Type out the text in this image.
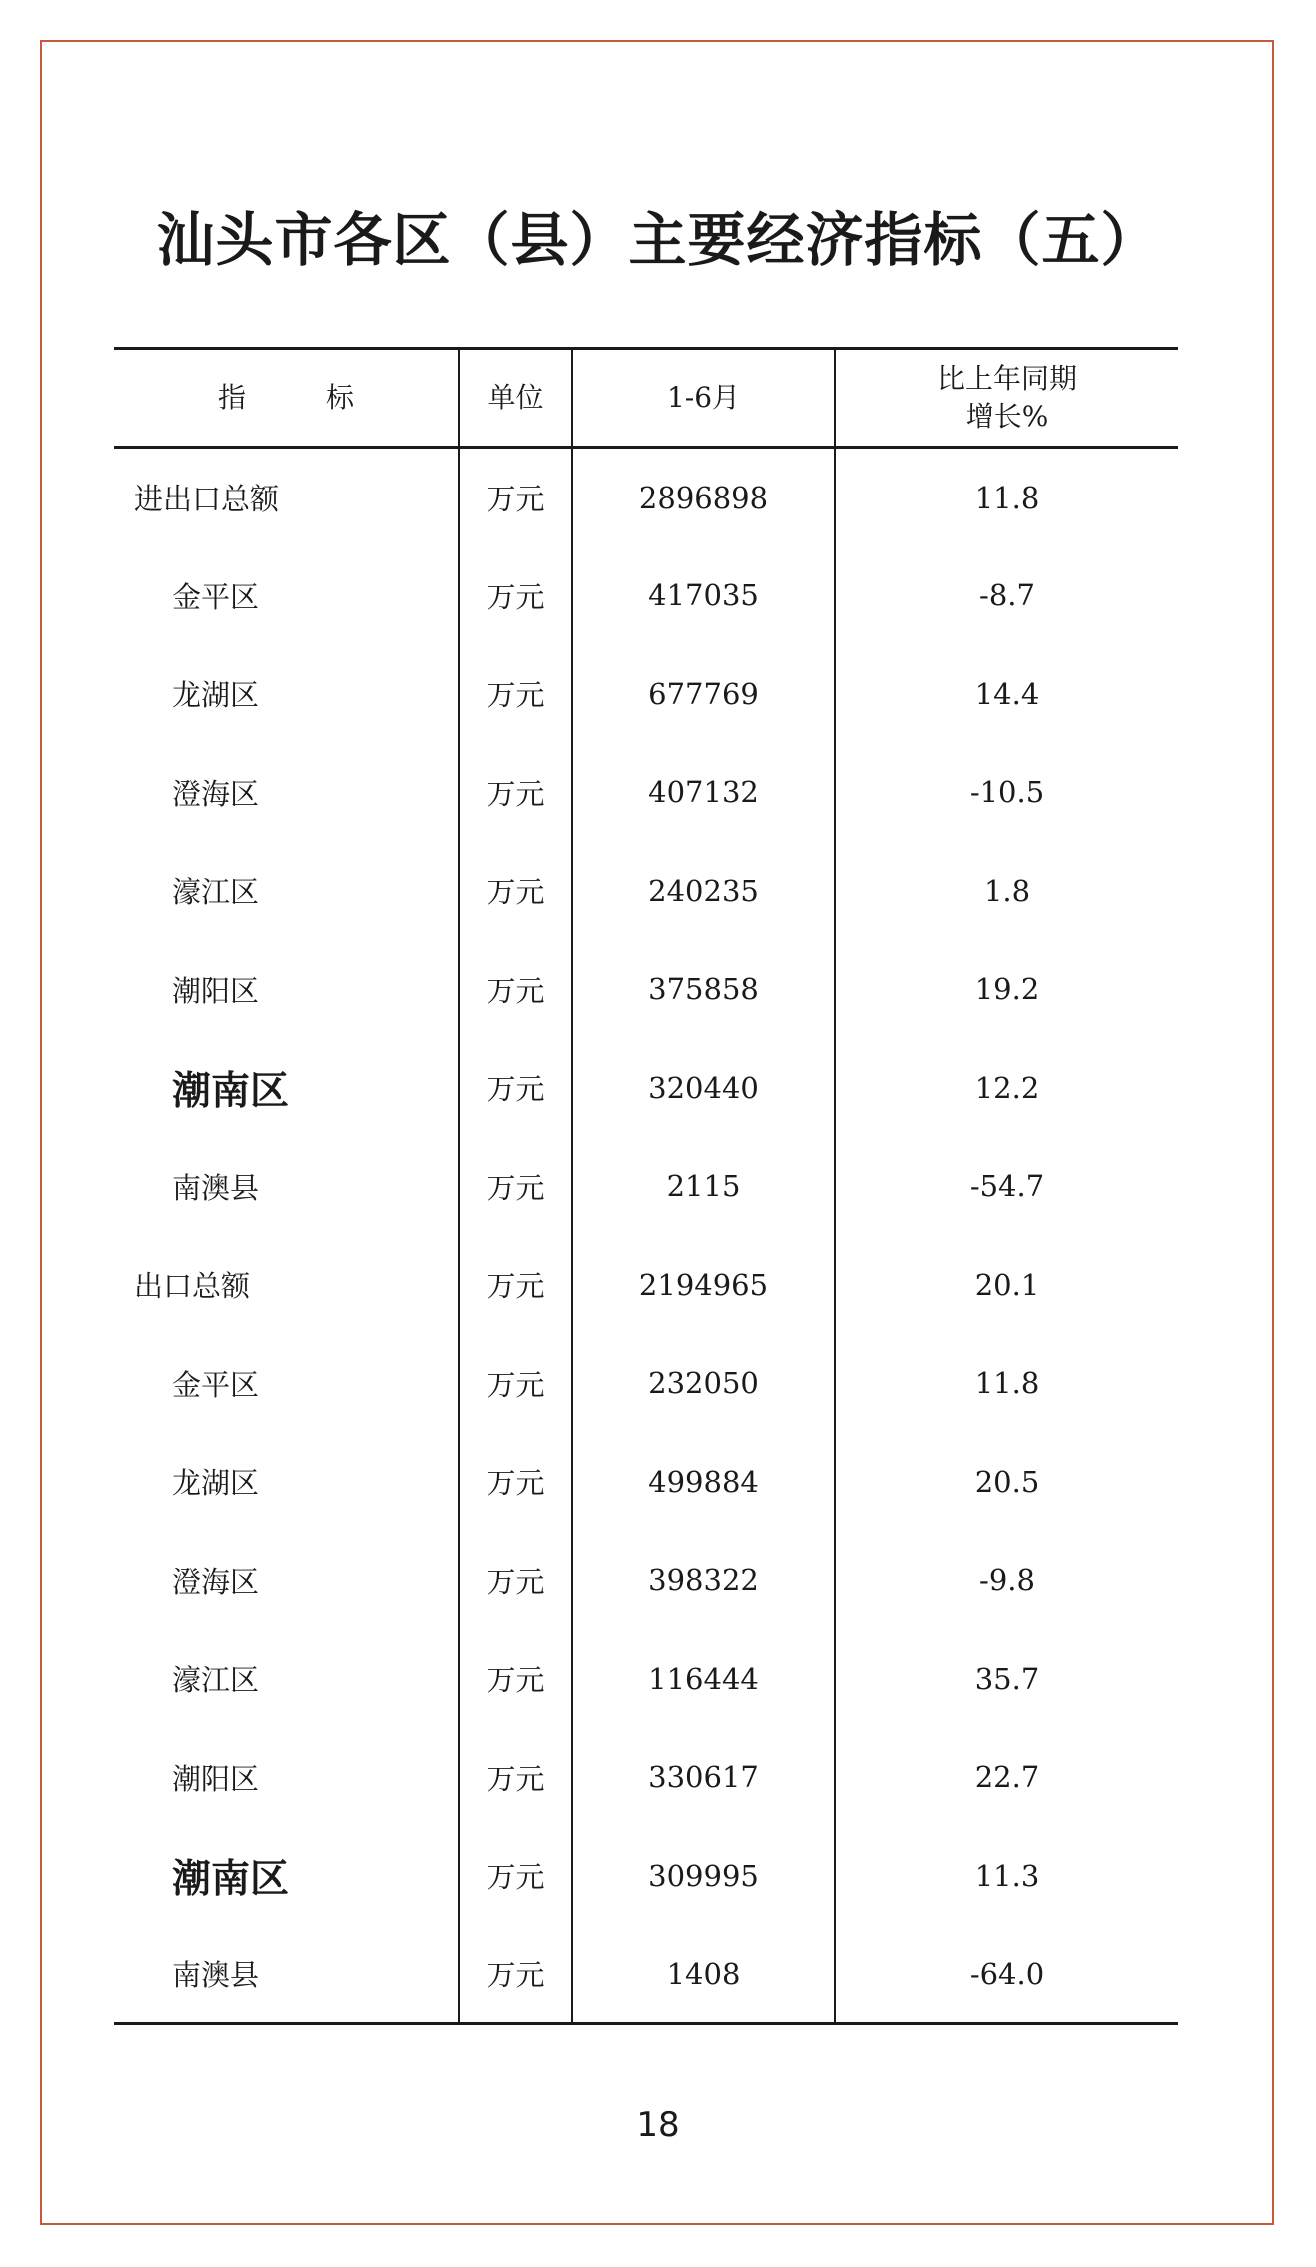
汕头市各区（县）主要经济指标（五）
指 标	单位	1-6月	比上年同期
增长%
进出口总额	万元	2896898	11.8
金平区	万元	417035	-8.7
龙湖区	万元	677769	14.4
澄海区	万元	407132	-10.5
濠江区	万元	240235	1.8
潮阳区	万元	375858	19.2
潮南区	万元	320440	12.2
南澳县	万元	2115	-54.7
出口总额	万元	2194965	20.1
金平区	万元	232050	11.8
龙湖区	万元	499884	20.5
澄海区	万元	398322	-9.8
濠江区	万元	116444	35.7
潮阳区	万元	330617	22.7
潮南区	万元	309995	11.3
南澳县	万元	1408	-64.0
18
